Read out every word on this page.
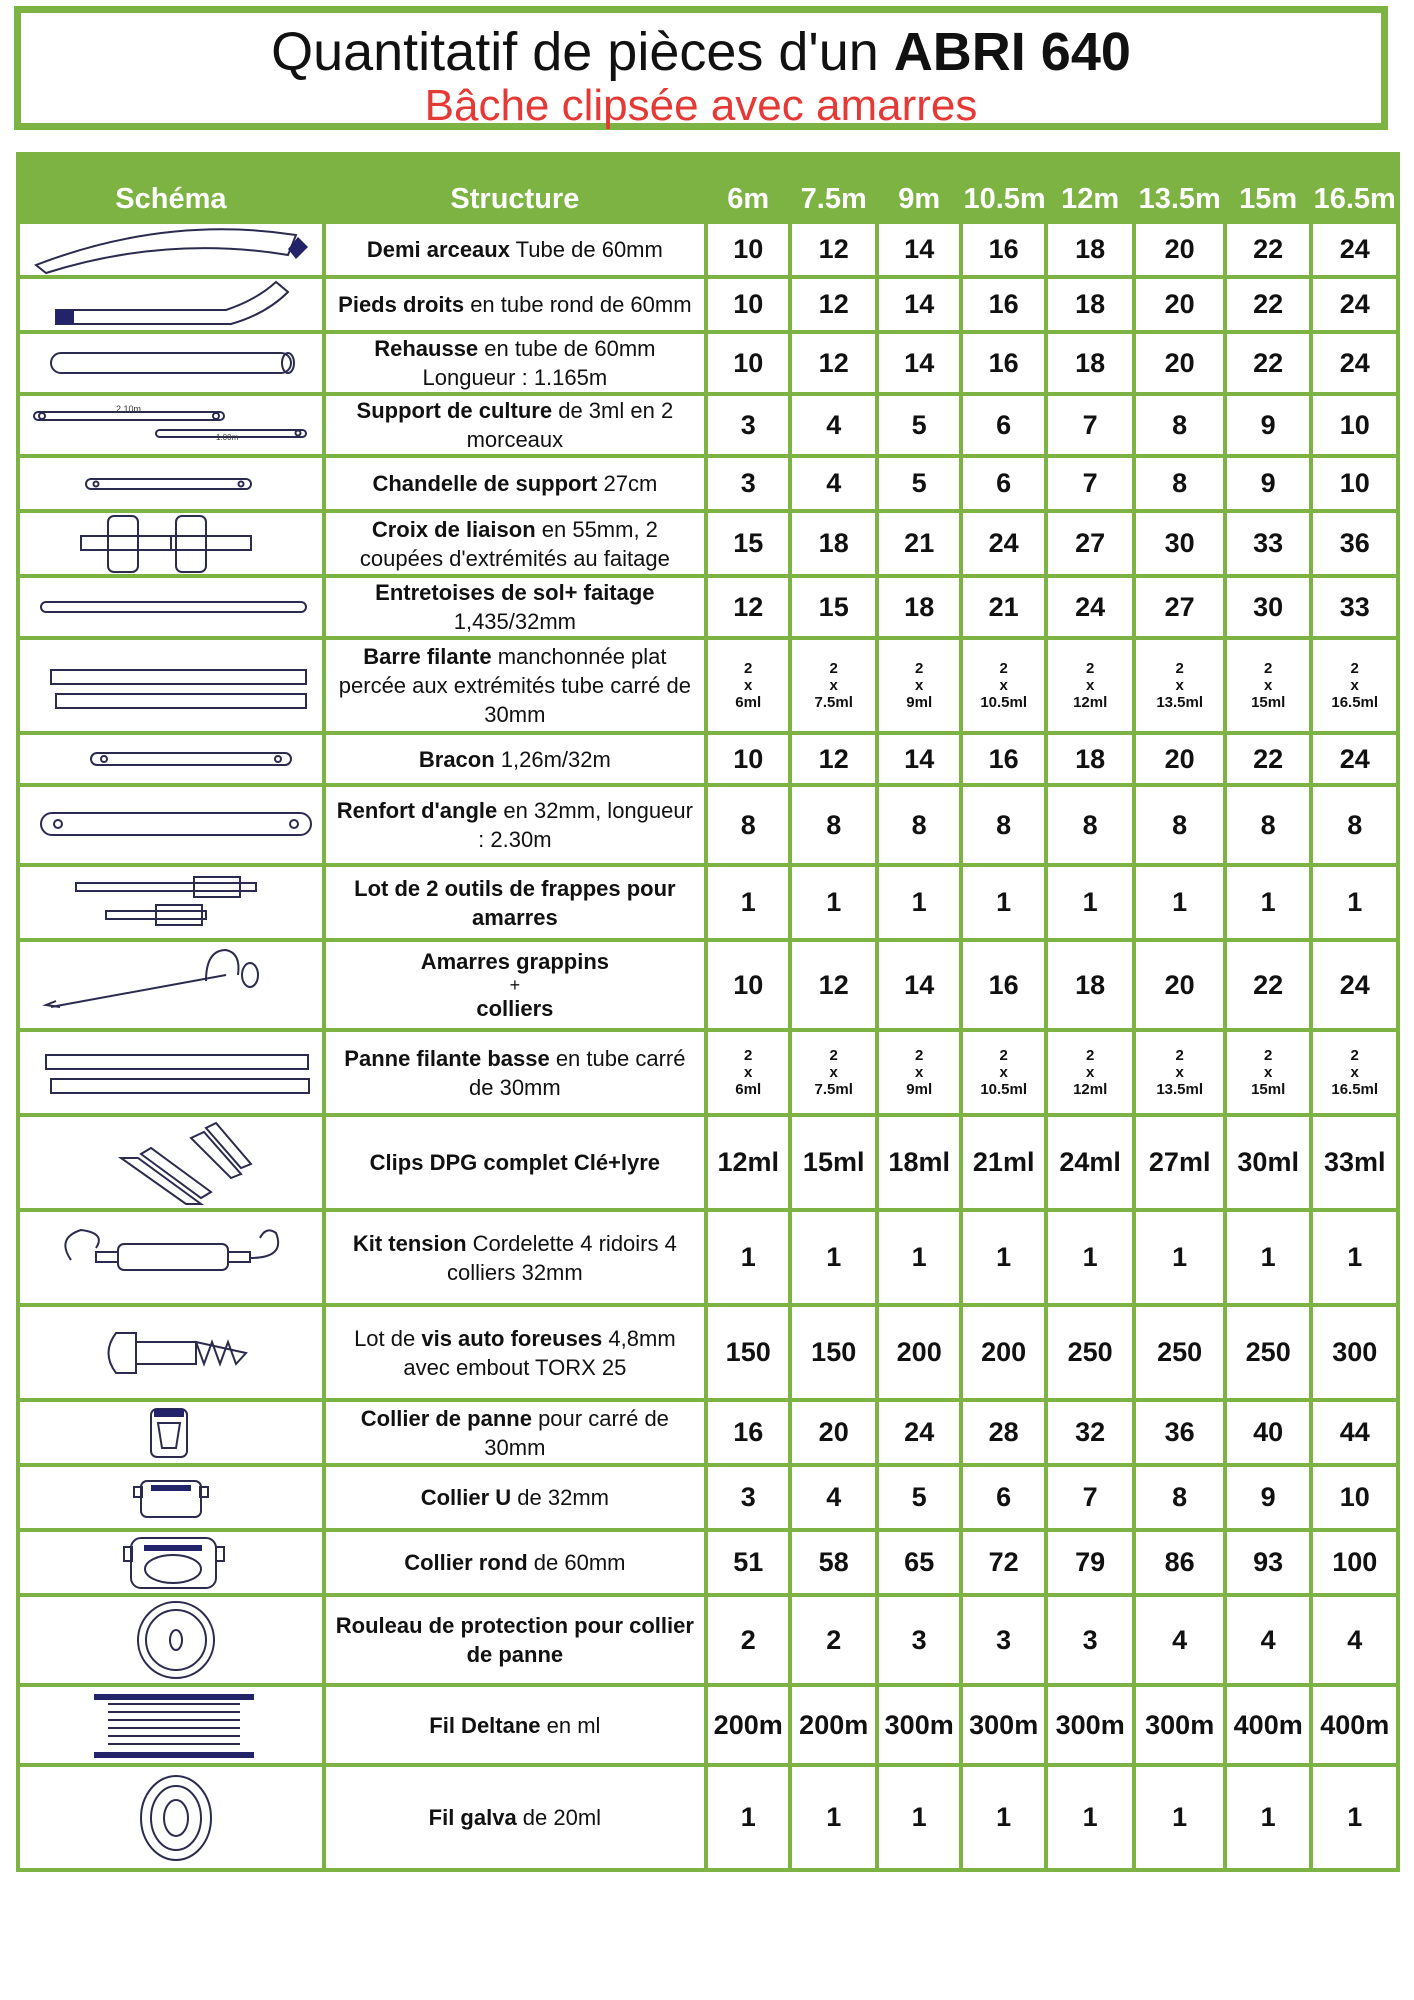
Quantitatif de pièces d'un ABRI 640
Bâche clipsée avec amarres
Schéma	Structure	6m	7.5m	9m	10.5m	12m	13.5m	15m	16.5m

	Demi arceaux Tube de 60mm	10	12	14	16	18	20	22	24

	Pieds droits en tube rond de 60mm	10	12	14	16	18	20	22	24

	Rehausse en tube de 60mm Longueur : 1.165m	10	12	14	16	18	20	22	24

2.10m
1.00m	Support de culture de 3ml en 2 morceaux	3	4	5	6	7	8	9	10

	Chandelle de support 27cm	3	4	5	6	7	8	9	10

	Croix de liaison en 55mm, 2 coupées d'extrémités au faitage	15	18	21	24	27	30	33	36

	Entretoises de sol+ faitage 1,435/32mm	12	15	18	21	24	27	30	33

	Barre filante manchonnée plat percée aux extrémités tube carré de 30mm	2
x
6ml	2
x
7.5ml	2
x
9ml	2
x
10.5ml	2
x
12ml	2
x
13.5ml	2
x
15ml	2
x
16.5ml

	Bracon 1,26m/32m	10	12	14	16	18	20	22	24

	Renfort d'angle en 32mm, longueur : 2.30m	8	8	8	8	8	8	8	8

	Lot de 2 outils de frappes pour amarres	1	1	1	1	1	1	1	1

	Amarres grappins
+
colliers	10	12	14	16	18	20	22	24

	Panne filante basse en tube carré de 30mm	2
x
6ml	2
x
7.5ml	2
x
9ml	2
x
10.5ml	2
x
12ml	2
x
13.5ml	2
x
15ml	2
x
16.5ml

	Clips DPG complet Clé+lyre	12ml	15ml	18ml	21ml	24ml	27ml	30ml	33ml

	Kit tension Cordelette 4 ridoirs 4 colliers 32mm	1	1	1	1	1	1	1	1

	Lot de vis auto foreuses 4,8mm avec embout TORX 25	150	150	200	200	250	250	250	300

	Collier de panne pour carré de 30mm	16	20	24	28	32	36	40	44

	Collier U de 32mm	3	4	5	6	7	8	9	10

	Collier rond de 60mm	51	58	65	72	79	86	93	100

	Rouleau de protection pour collier de panne	2	2	3	3	3	4	4	4

	Fil Deltane en ml	200m	200m	300m	300m	300m	300m	400m	400m

	Fil galva de 20ml	1	1	1	1	1	1	1	1
